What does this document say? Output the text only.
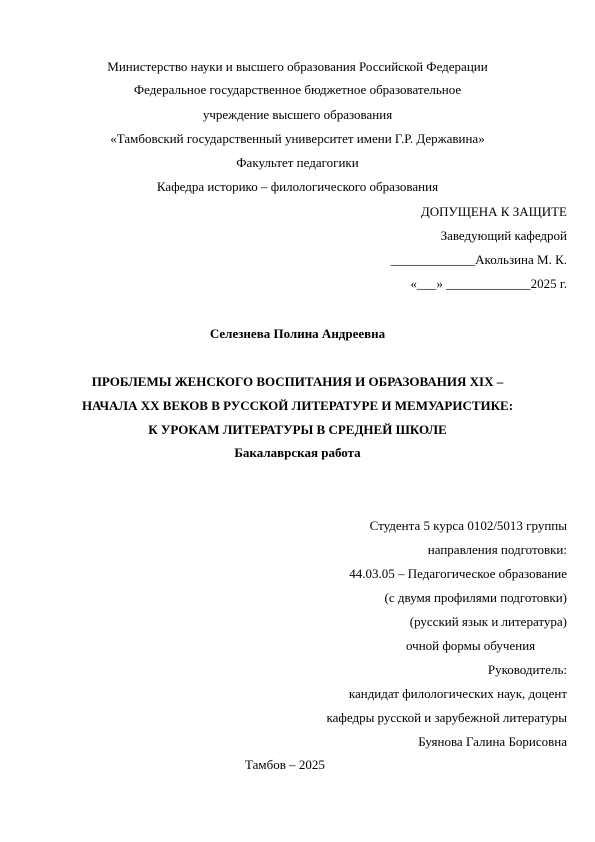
Министерство науки и высшего образования Российской Федерации
Федеральное государственное бюджетное образовательное
учреждение высшего образования
«Тамбовский государственный университет имени Г.Р. Державина»
Факультет педагогики
Кафедра историко – филологического образования
ДОПУЩЕНА К ЗАЩИТЕ
Заведующий кафедрой
_____________Акользина М. К.
«___» _____________2025 г.
Селезнева Полина Андреевна
ПРОБЛЕМЫ ЖЕНСКОГО ВОСПИТАНИЯ И ОБРАЗОВАНИЯ XIX –
НАЧАЛА XX ВЕКОВ В РУССКОЙ ЛИТЕРАТУРЕ И МЕМУАРИСТИКЕ:
К УРОКАМ ЛИТЕРАТУРЫ В СРЕДНЕЙ ШКОЛЕ
Бакалаврская работа
Студента 5 курса 0102/5013 группы
направления подготовки:
44.03.05 – Педагогическое образование
(с двумя профилями подготовки)
(русский язык и литература)
очной формы обучения
Руководитель:
кандидат филологических наук, доцент
кафедры русской и зарубежной литературы
Буянова Галина Борисовна
Тамбов – 2025
